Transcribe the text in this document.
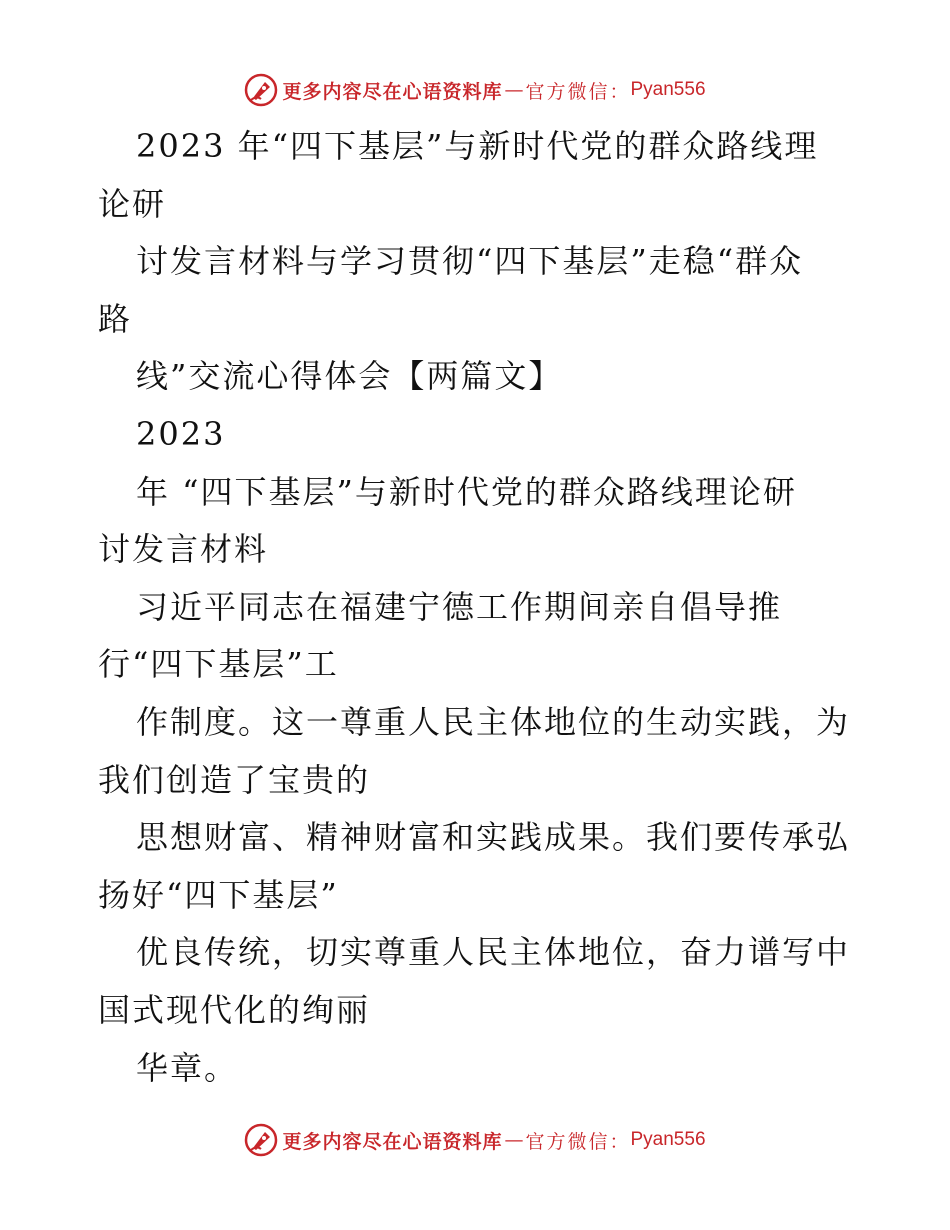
更多内容尽在心语资料库 — 官方微信： Pyan556
2023 年“四下基层”与新时代党的群众路线理
论研
讨发言材料与学习贯彻“四下基层”走稳“群众
路
线”交流心得体会【两篇文】
2023
年 “四下基层”与新时代党的群众路线理论研
讨发言材料
习近平同志在福建宁德工作期间亲自倡导推
行“四下基层”工
作制度。这一尊重人民主体地位的生动实践，为
我们创造了宝贵的
思想财富、精神财富和实践成果。我们要传承弘
扬好“四下基层”
优良传统，切实尊重人民主体地位，奋力谱写中
国式现代化的绚丽
华章。
更多内容尽在心语资料库 — 官方微信： Pyan556
